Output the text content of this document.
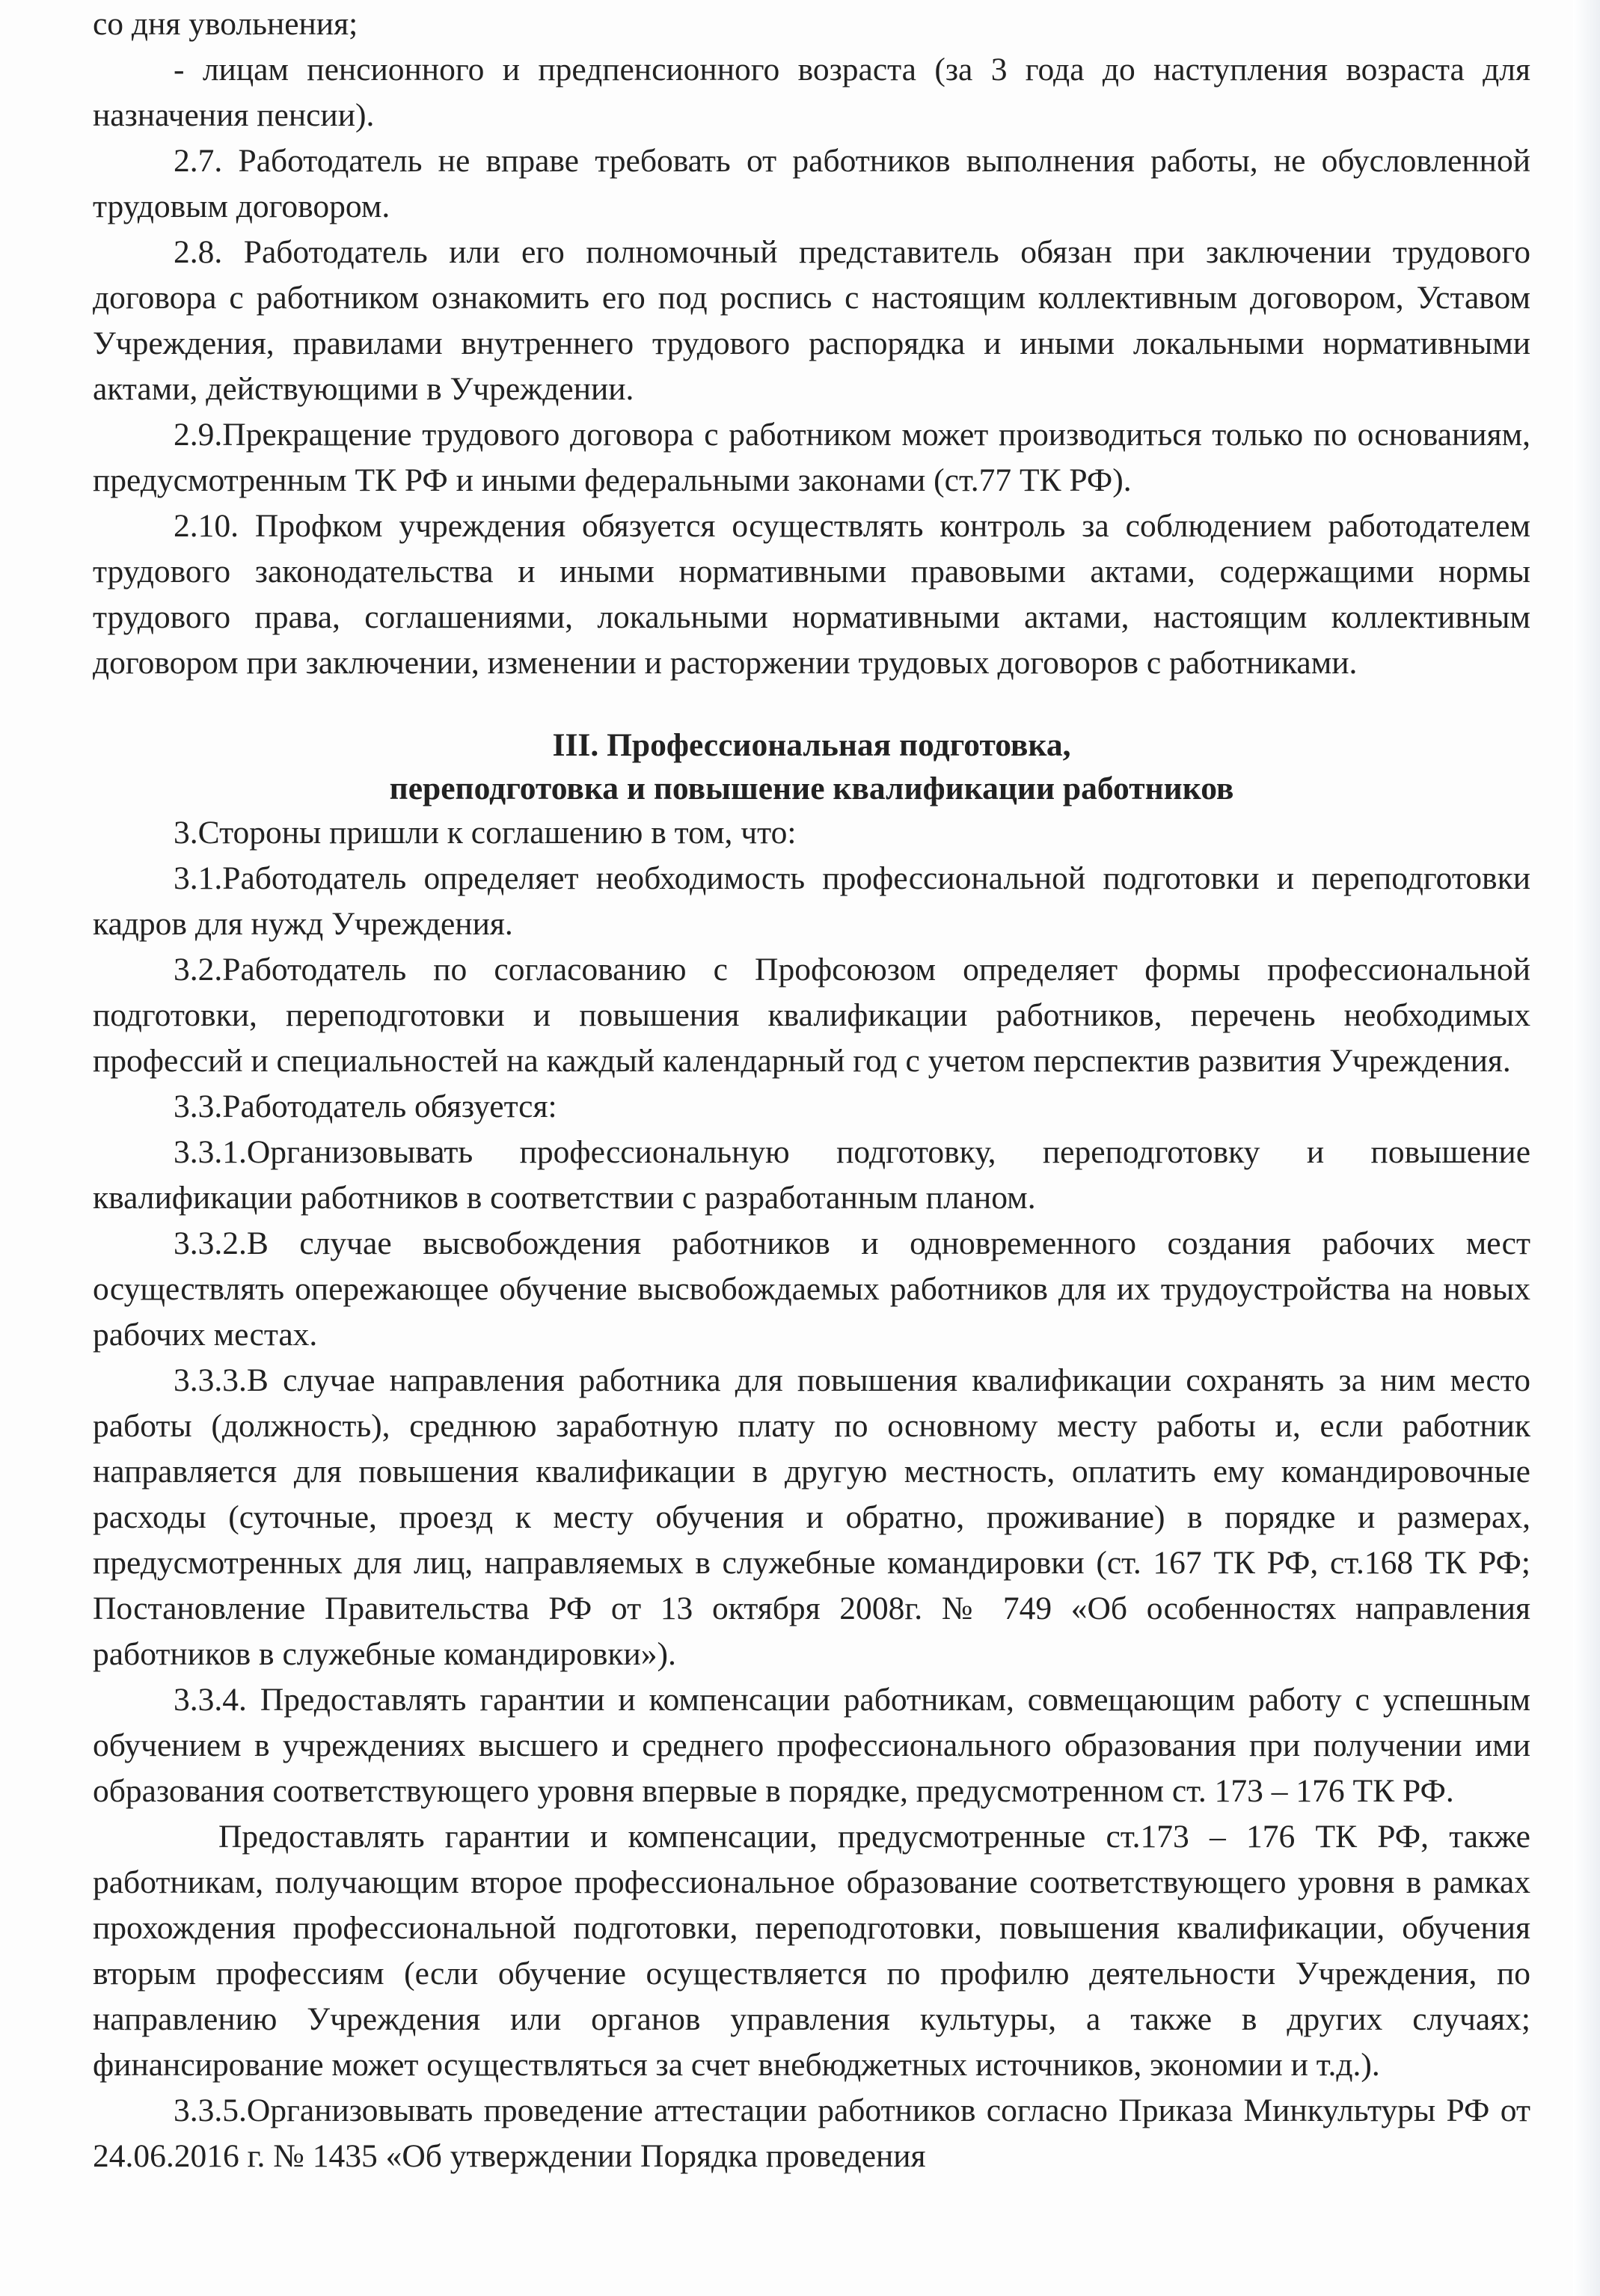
со дня увольнения;

- лицам пенсионного и предпенсионного возраста (за 3 года до наступления возраста для назначения пенсии).

2.7. Работодатель не вправе требовать от работников выполнения работы, не обусловленной трудовым договором.

2.8. Работодатель или его полномочный представитель обязан при заключении трудового договора с работником ознакомить его под роспись с настоящим коллективным договором, Уставом Учреждения, правилами внутреннего трудового распорядка и иными локальными нормативными актами, действующими в Учреждении.

2.9.Прекращение трудового договора с работником может производиться только по основаниям, предусмотренным ТК РФ и иными федеральными законами (ст.77 ТК РФ).

2.10. Профком учреждения обязуется осуществлять контроль за соблюдением работодателем трудового законодательства и иными нормативными правовыми актами, содержащими нормы трудового права, соглашениями, локальными нормативными актами, настоящим коллективным договором при заключении, изменении и расторжении трудовых договоров с работниками.

III. Профессиональная подготовка,
переподготовка и повышение квалификации работников

3.Стороны пришли к соглашению в том, что:

3.1.Работодатель определяет необходимость профессиональной подготовки и переподготовки кадров для нужд Учреждения.

3.2.Работодатель по согласованию с Профсоюзом определяет формы профессиональной подготовки, переподготовки и повышения квалификации работников, перечень необходимых профессий и специальностей на каждый календарный год с учетом перспектив развития Учреждения.

3.3.Работодатель обязуется:

3.3.1.Организовывать профессиональную подготовку, переподготовку и повышение квалификации работников в соответствии с разработанным планом.

3.3.2.В случае высвобождения работников и одновременного создания рабочих мест осуществлять опережающее обучение высвобождаемых работников для их трудоустройства на новых рабочих местах.

3.3.3.В случае направления работника для повышения квалификации сохранять за ним место работы (должность), среднюю заработную плату по основному месту работы и, если работник направляется для повышения квалификации в другую местность, оплатить ему командировочные расходы (суточные, проезд к месту обучения и обратно, проживание) в порядке и размерах, предусмотренных для лиц, направляемых в служебные командировки (ст. 167 ТК РФ, ст.168 ТК РФ; Постановление Правительства РФ от 13 октября 2008г. № 749 «Об особенностях направления работников в служебные командировки»).

3.3.4. Предоставлять гарантии и компенсации работникам, совмещающим работу с успешным обучением в учреждениях высшего и среднего профессионального образования при получении ими образования соответствующего уровня впервые в порядке, предусмотренном ст. 173 – 176 ТК РФ.

Предоставлять гарантии и компенсации, предусмотренные ст.173 – 176 ТК РФ, также работникам, получающим второе профессиональное образование соответствующего уровня в рамках прохождения профессиональной подготовки, переподготовки, повышения квалификации, обучения вторым профессиям (если обучение осуществляется по профилю деятельности Учреждения, по направлению Учреждения или органов управления культуры, а также в других случаях; финансирование может осуществляться за счет внебюджетных источников, экономии и т.д.).

3.3.5.Организовывать проведение аттестации работников согласно Приказа Минкультуры РФ от 24.06.2016 г. № 1435 «Об утверждении Порядка проведения
